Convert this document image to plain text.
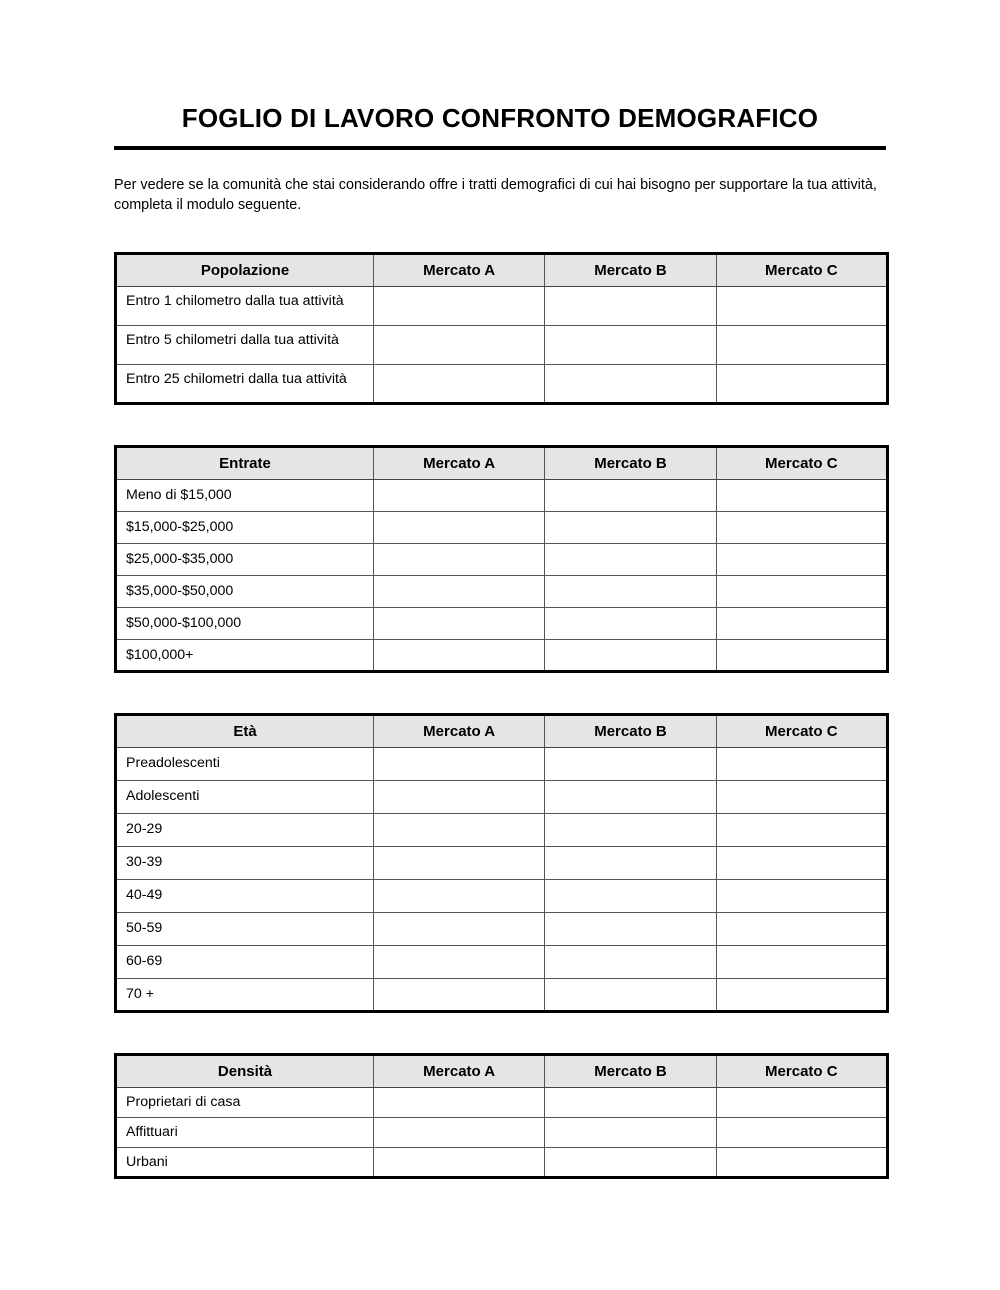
FOGLIO DI LAVORO CONFRONTO DEMOGRAFICO

Per vedere se la comunità che stai considerando offre i tratti demografici di cui hai bisogno per supportare la tua attività, completa il modulo seguente.

Popolazione	Mercato A	Mercato B	Mercato C
Entro 1 chilometro dalla tua attività			
Entro 5 chilometri dalla tua attività			
Entro 25 chilometri dalla tua attività			
Entrate	Mercato A	Mercato B	Mercato C
Meno di $15,000			
$15,000-$25,000			
$25,000-$35,000			
$35,000-$50,000			
$50,000-$100,000			
$100,000+			
Età	Mercato A	Mercato B	Mercato C
Preadolescenti			
Adolescenti			
20-29			
30-39			
40-49			
50-59			
60-69			
70 +			
Densità	Mercato A	Mercato B	Mercato C
Proprietari di casa			
Affittuari			
Urbani			
